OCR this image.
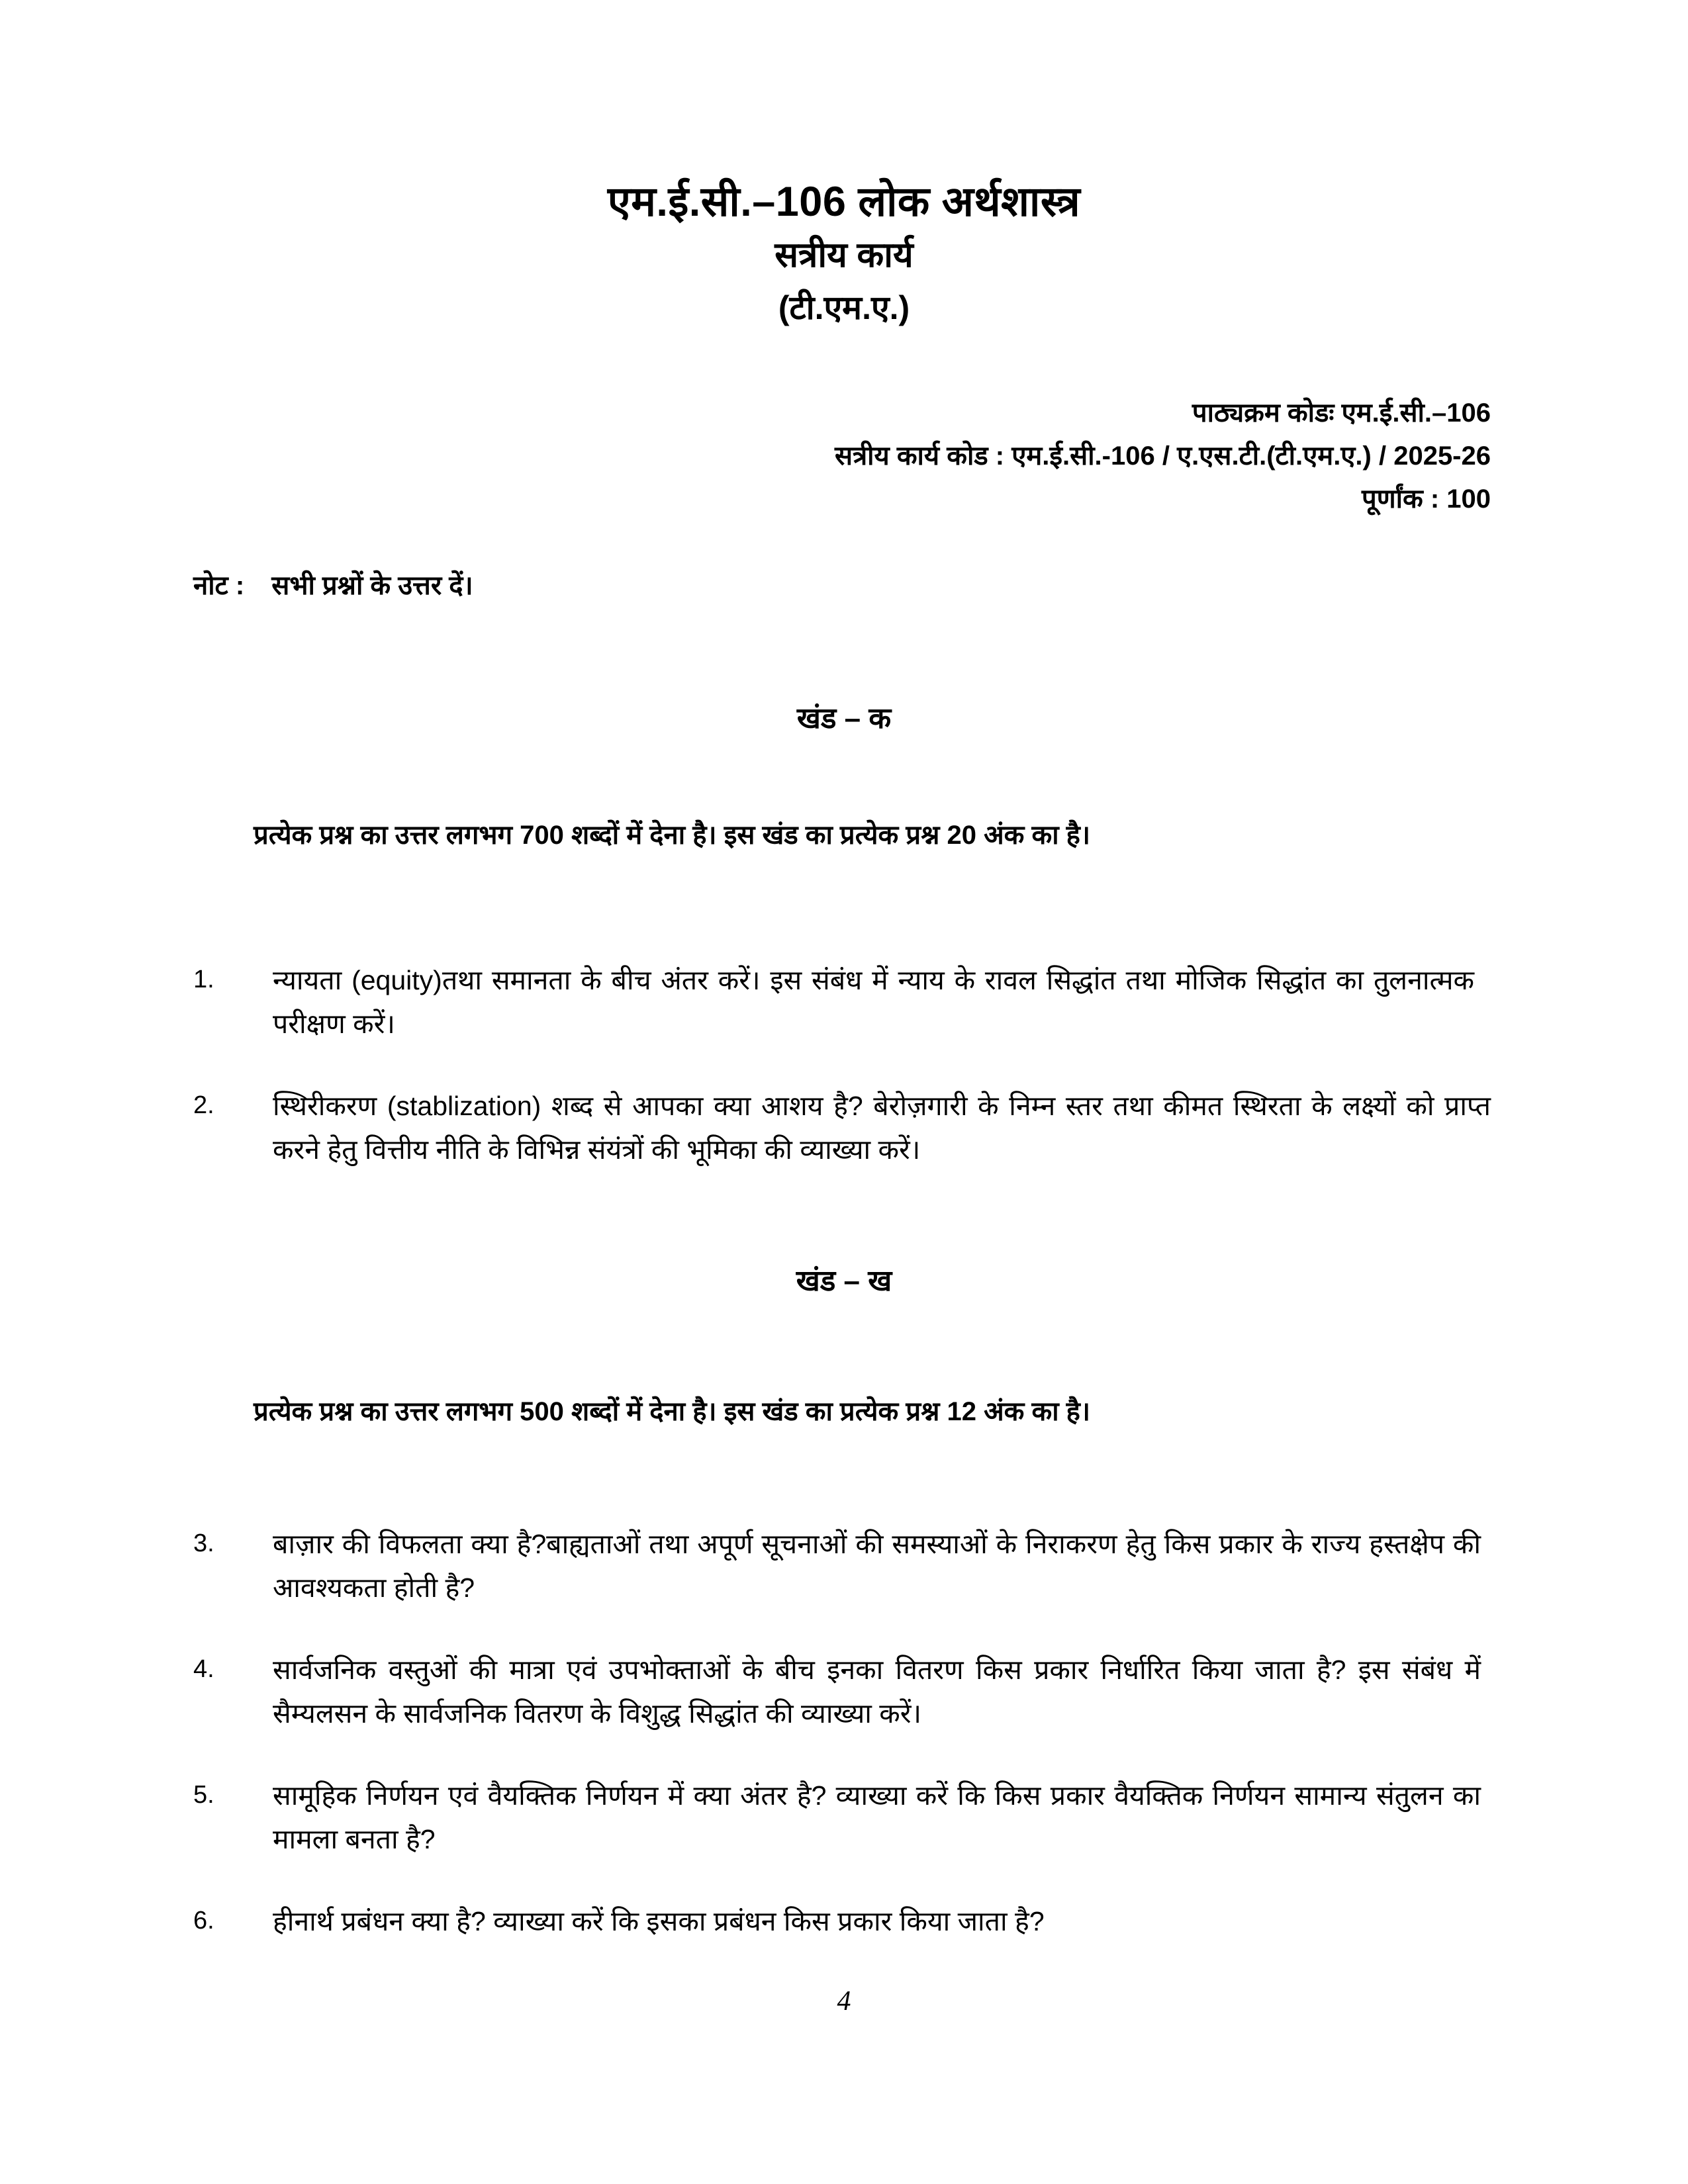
एम.ई.सी.–106 लोक अर्थशास्त्र
सत्रीय कार्य
(टी.एम.ए.)
पाठ्यक्रम कोडः एम.ई.सी.–106
सत्रीय कार्य कोड : एम.ई.सी.-106 / ए.एस.टी.(टी.एम.ए.) / 2025-26
पूर्णांक : 100
नोट : सभी प्रश्नों के उत्तर दें।
खंड – क
प्रत्येक प्रश्न का उत्तर लगभग 700 शब्दों में देना है। इस खंड का प्रत्येक प्रश्न 20 अंक का है।
1.	न्यायता (equity)तथा समानता के बीच अंतर करें। इस संबंध में न्याय के रावल सिद्धांत तथा मोजिक सिद्धांत का तुलनात्मक परीक्षण करें।
2.	स्थिरीकरण (stablization) शब्द से आपका क्या आशय है? बेरोज़गारी के निम्न स्तर तथा कीमत स्थिरता के लक्ष्यों को प्राप्त करने हेतु वित्तीय नीति के विभिन्न संयंत्रों की भूमिका की व्याख्या करें।
खंड – ख
प्रत्येक प्रश्न का उत्तर लगभग 500 शब्दों में देना है। इस खंड का प्रत्येक प्रश्न 12 अंक का है।
3.	बाज़ार की विफलता क्या है?बाह्यताओं तथा अपूर्ण सूचनाओं की समस्याओं के निराकरण हेतु किस प्रकार के राज्य हस्तक्षेप की आवश्यकता होती है?
4.	सार्वजनिक वस्तुओं की मात्रा एवं उपभोक्ताओं के बीच इनका वितरण किस प्रकार निर्धारित किया जाता है? इस संबंध में सैम्यलसन के सार्वजनिक वितरण के विशुद्ध सिद्धांत की व्याख्या करें।
5.	सामूहिक निर्णयन एवं वैयक्तिक निर्णयन में क्या अंतर है? व्याख्या करें कि किस प्रकार वैयक्तिक निर्णयन सामान्य संतुलन का मामला बनता है?
6.	हीनार्थ प्रबंधन क्या है? व्याख्या करें कि इसका प्रबंधन किस प्रकार किया जाता है?
4
